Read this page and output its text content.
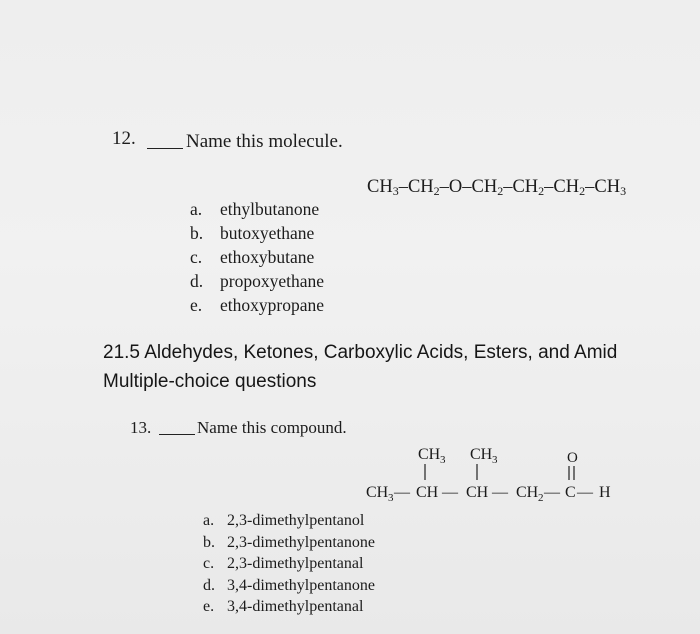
12.	Name this molecule.
$CH_3-CH_2-O-CH_2-CH_2-CH_2-CH_3$
a. ethylbutanone
b. butoxyethane
c. ethoxybutane
d. propoxyethane
e. ethoxypropane
21.5 Aldehydes, Ketones, Carboxylic Acids, Esters, and Amid
Multiple-choice questions
13.	Name this compound.
CH 3 CH 3	O
CH 3 — CH — CH — CH 2 — C — H
a. 2,3-dimethylpentanol
b. 2,3-dimethylpentanone
c. 2,3-dimethylpentanal
d. 3,4-dimethylpentanone
e. 3,4-dimethylpentanal
